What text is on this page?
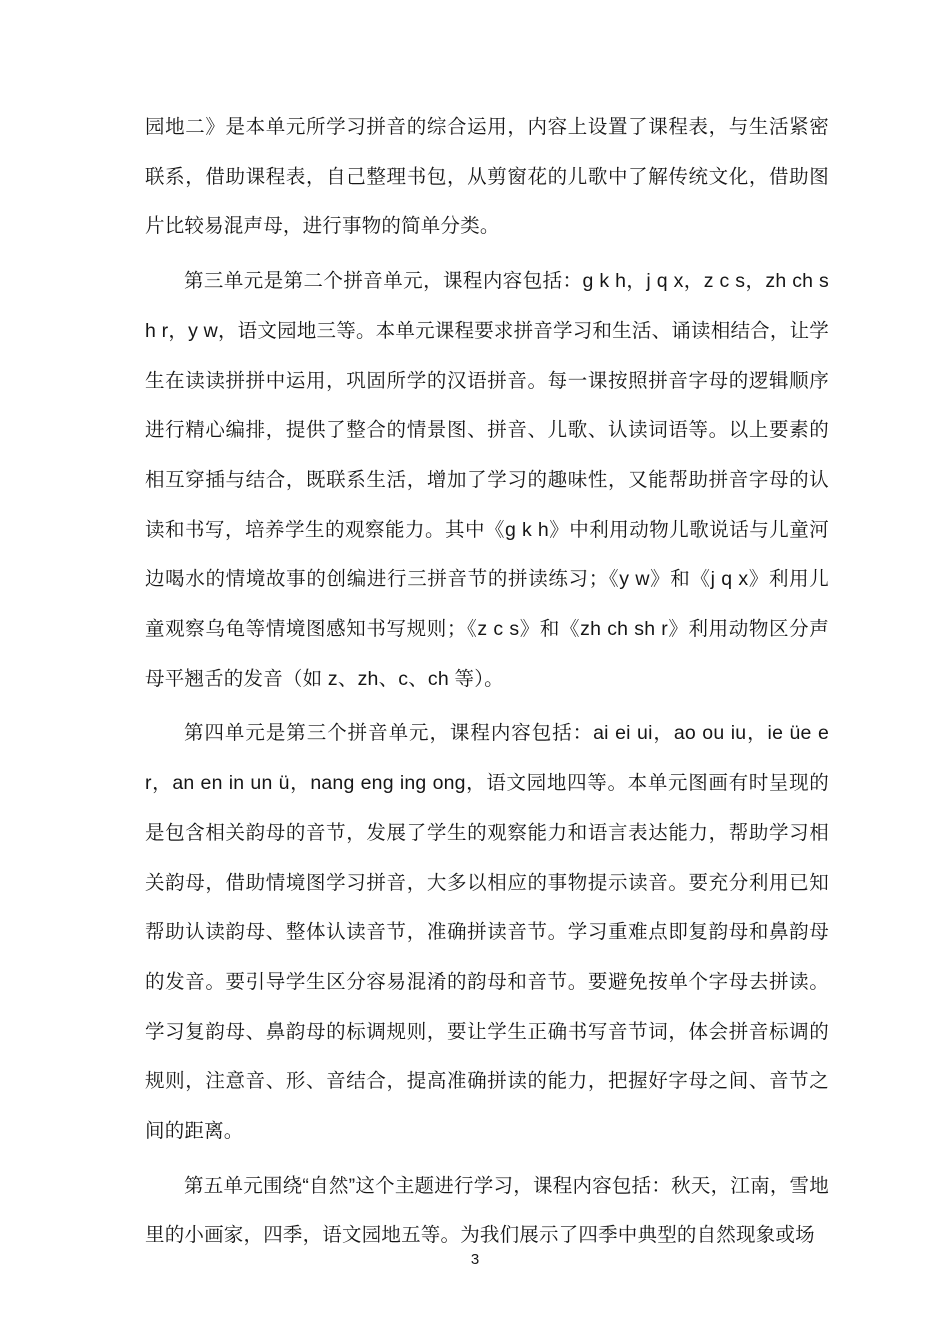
园地二》是本单元所学习拼音的综合运用，内容上设置了课程表，与生活紧密联系，借助课程表，自己整理书包，从剪窗花的儿歌中了解传统文化，借助图片比较易混声母，进行事物的简单分类。

第三单元是第二个拼音单元，课程内容包括：g k h，j q x，z c s，zh ch sh r，y w，语文园地三等。本单元课程要求拼音学习和生活、诵读相结合，让学生在读读拼拼中运用，巩固所学的汉语拼音。每一课按照拼音字母的逻辑顺序进行精心编排，提供了整合的情景图、拼音、儿歌、认读词语等。以上要素的相互穿插与结合，既联系生活，增加了学习的趣味性，又能帮助拼音字母的认读和书写，培养学生的观察能力。其中《g k h》中利用动物儿歌说话与儿童河边喝水的情境故事的创编进行三拼音节的拼读练习；《y w》和《j q x》利用儿童观察乌龟等情境图感知书写规则；《z c s》和《zh ch sh r》利用动物区分声母平翘舌的发音（如 z、zh、c、ch 等）。

第四单元是第三个拼音单元，课程内容包括：ai ei ui，ao ou iu，ie üe er，an en in un ü，nang eng ing ong，语文园地四等。本单元图画有时呈现的是包含相关韵母的音节，发展了学生的观察能力和语言表达能力，帮助学习相关韵母，借助情境图学习拼音，大多以相应的事物提示读音。要充分利用已知帮助认读韵母、整体认读音节，准确拼读音节。学习重难点即复韵母和鼻韵母的发音。要引导学生区分容易混淆的韵母和音节。要避免按单个字母去拼读。学习复韵母、鼻韵母的标调规则，要让学生正确书写音节词，体会拼音标调的规则，注意音、形、音结合，提高准确拼读的能力，把握好字母之间、音节之间的距离。

第五单元围绕“自然”这个主题进行学习，课程内容包括：秋天，江南，雪地里的小画家，四季，语文园地五等。为我们展示了四季中典型的自然现象或场

3
